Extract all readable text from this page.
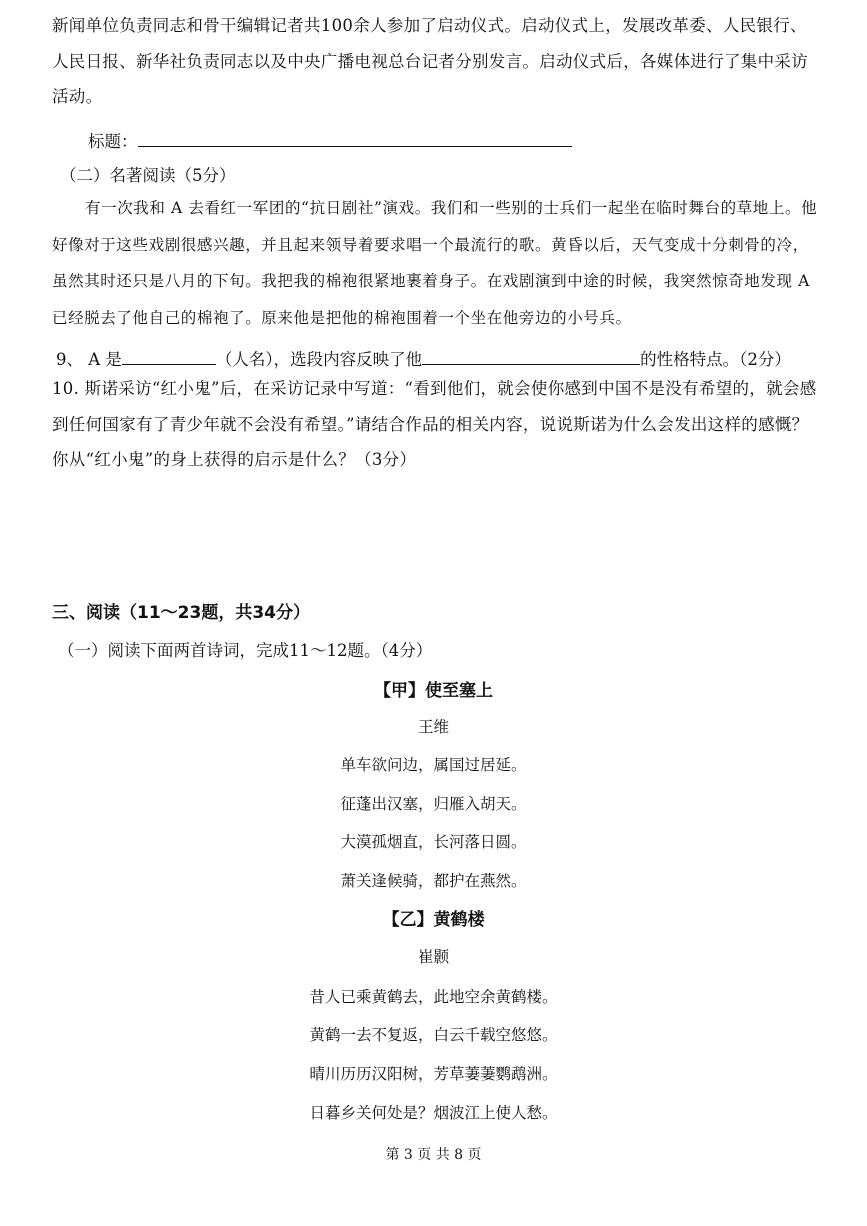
新闻单位负责同志和骨干编辑记者共100余人参加了启动仪式。启动仪式上，发展改革委、人民银行、人民日报、新华社负责同志以及中央广播电视总台记者分别发言。启动仪式后，各媒体进行了集中采访活动。

标题：

（二）名著阅读（5分）

有一次我和 A 去看红一军团的“抗日剧社”演戏。我们和一些别的士兵们一起坐在临时舞台的草地上。他好像对于这些戏剧很感兴趣，并且起来领导着要求唱一个最流行的歌。黄昏以后，天气变成十分刺骨的冷，虽然其时还只是八月的下旬。我把我的棉袍很紧地裹着身子。在戏剧演到中途的时候，我突然惊奇地发现 A 已经脱去了他自己的棉袍了。原来他是把他的棉袍围着一个坐在他旁边的小号兵。

9、 A 是	（人名），选段内容反映了他	的性格特点。（2分）

10. 斯诺采访“红小鬼”后，在采访记录中写道：“看到他们，就会使你感到中国不是没有希望的，就会感到任何国家有了青少年就不会没有希望。”请结合作品的相关内容，说说斯诺为什么会发出这样的感慨？你从“红小鬼”的身上获得的启示是什么？（3分）

三、阅读（11～23题，共34分）

（一）阅读下面两首诗词，完成11～12题。（4分）

【甲】使至塞上
王维
单车欲问边，属国过居延。
征蓬出汉塞，归雁入胡天。
大漠孤烟直，长河落日圆。
萧关逢候骑，都护在燕然。
【乙】黄鹤楼
崔颢
昔人已乘黄鹤去，此地空余黄鹤楼。
黄鹤一去不复返，白云千载空悠悠。
晴川历历汉阳树，芳草萋萋鹦鹉洲。
日暮乡关何处是？烟波江上使人愁。
第 3 页 共 8 页
